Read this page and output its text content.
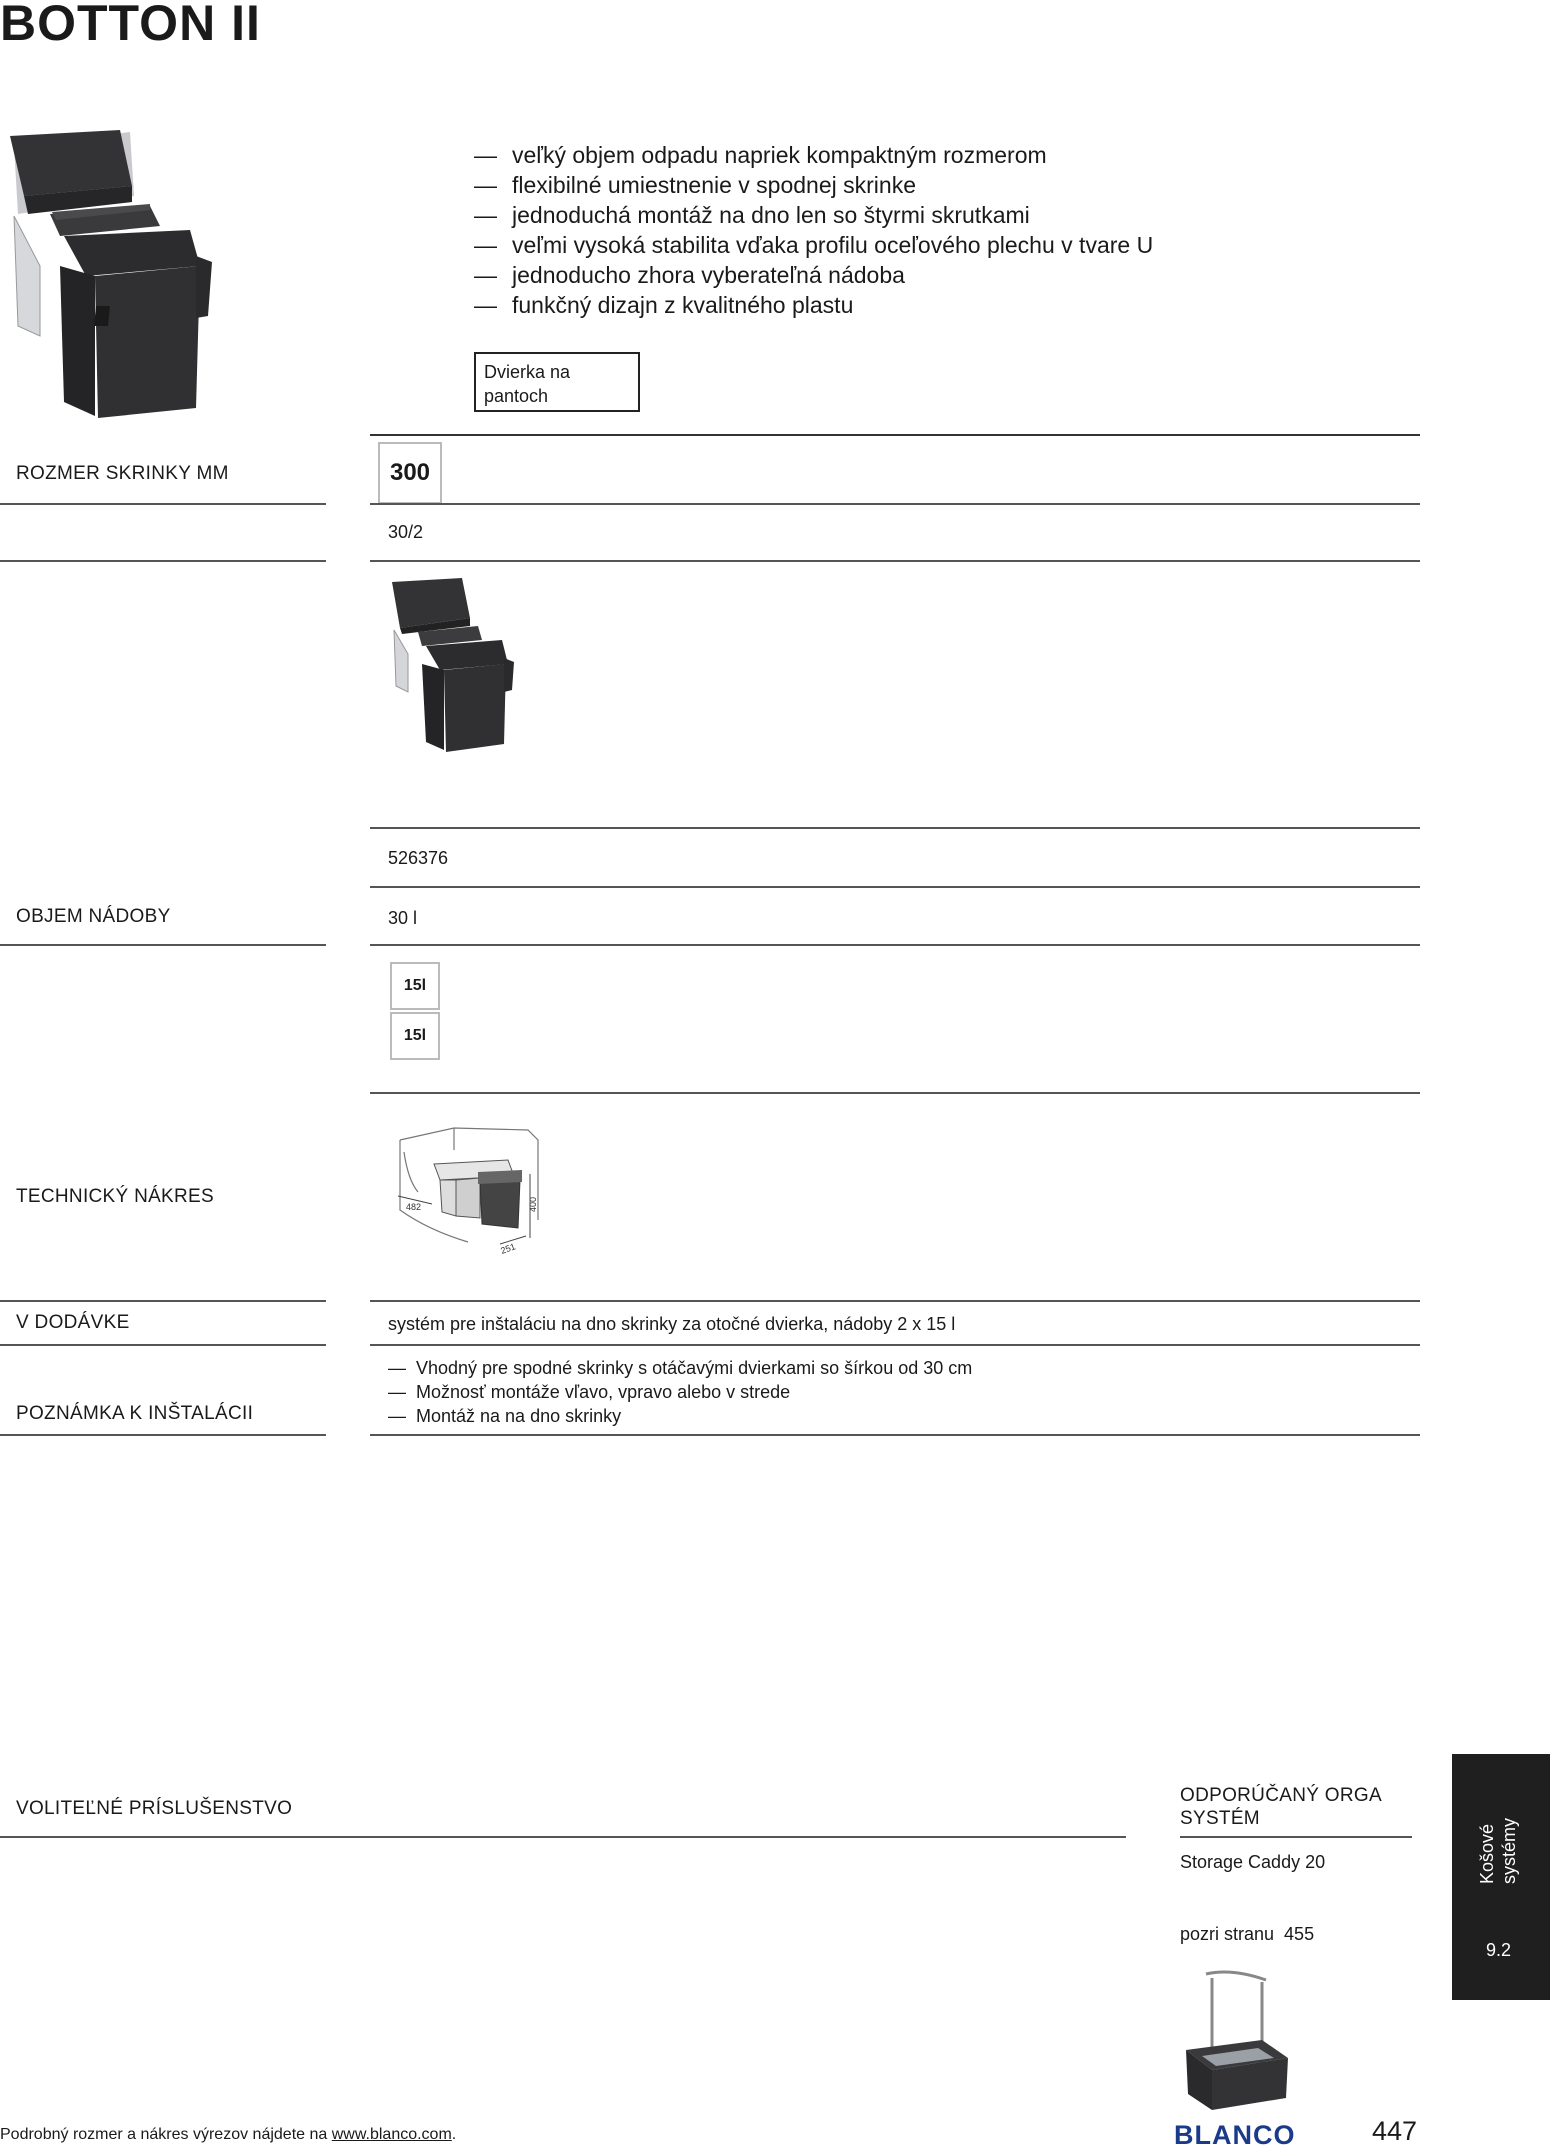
BOTTON II
— veľký objem odpadu napriek kompaktným rozmerom
— flexibilné umiestnenie v spodnej skrinke
— jednoduchá montáž na dno len so štyrmi skrutkami
— veľmi vysoká stabilita vďaka profilu oceľového plechu v tvare U
— jednoducho zhora vyberateľná nádoba
— funkčný dizajn z kvalitného plastu
Dvierka na pantoch
ROZMER SKRINKY MM	300
30/2
526376
OBJEM NÁDOBY	30 l
15l
15l
TECHNICKÝ NÁKRES	482	400
251
V DODÁVKE	systém pre inštaláciu na dno skrinky za otočné dvierka, nádoby 2 x 15 l
— Vhodný pre spodné skrinky s otáčavými dvierkami so šírkou od 30 cm
— Možnosť montáže vľavo, vpravo alebo v strede
— Montáž na na dno skrinky
POZNÁMKA K INŠTALÁCII
VOLITEĽNÉ PRÍSLUŠENSTVO
ODPORÚČANÝ ORGA SYSTÉM
Storage Caddy 20
pozri stranu  455
Košové systémy
9.2
Podrobný rozmer a nákres výrezov nájdete na www.blanco.com.	BLANCO	447
